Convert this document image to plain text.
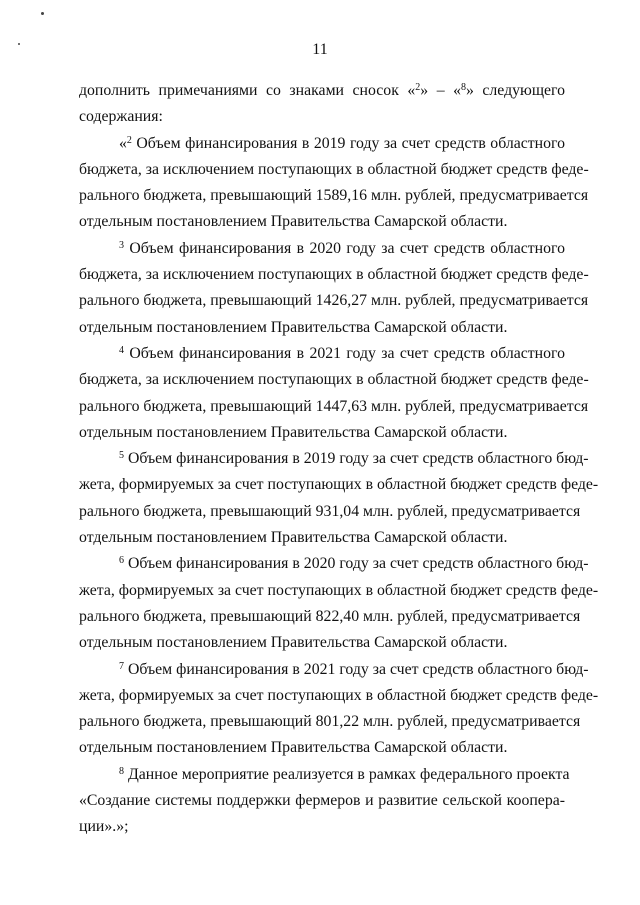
11
дополнить примечаниями со знаками сносок «$^2$» – «$^8$» следующего
содержания:
«$^2$ Объем финансирования в 2019 году за счет средств областного
бюджета, за исключением поступающих в областной бюджет средств феде-
рального бюджета, превышающий 1589,16 млн. рублей, предусматривается
отдельным постановлением Правительства Самарской области.
$^3$ Объем финансирования в 2020 году за счет средств областного
бюджета, за исключением поступающих в областной бюджет средств феде-
рального бюджета, превышающий 1426,27 млн. рублей, предусматривается
отдельным постановлением Правительства Самарской области.
$^4$ Объем финансирования в 2021 году за счет средств областного
бюджета, за исключением поступающих в областной бюджет средств феде-
рального бюджета, превышающий 1447,63 млн. рублей, предусматривается
отдельным постановлением Правительства Самарской области.
$^5$ Объем финансирования в 2019 году за счет средств областного бюд-
жета, формируемых за счет поступающих в областной бюджет средств феде-
рального бюджета, превышающий 931,04 млн. рублей, предусматривается
отдельным постановлением Правительства Самарской области.
$^6$ Объем финансирования в 2020 году за счет средств областного бюд-
жета, формируемых за счет поступающих в областной бюджет средств феде-
рального бюджета, превышающий 822,40 млн. рублей, предусматривается
отдельным постановлением Правительства Самарской области.
$^7$ Объем финансирования в 2021 году за счет средств областного бюд-
жета, формируемых за счет поступающих в областной бюджет средств феде-
рального бюджета, превышающий 801,22 млн. рублей, предусматривается
отдельным постановлением Правительства Самарской области.
$^8$ Данное мероприятие реализуется в рамках федерального проекта
«Создание системы поддержки фермеров и развитие сельской коопера-
ции».»;
